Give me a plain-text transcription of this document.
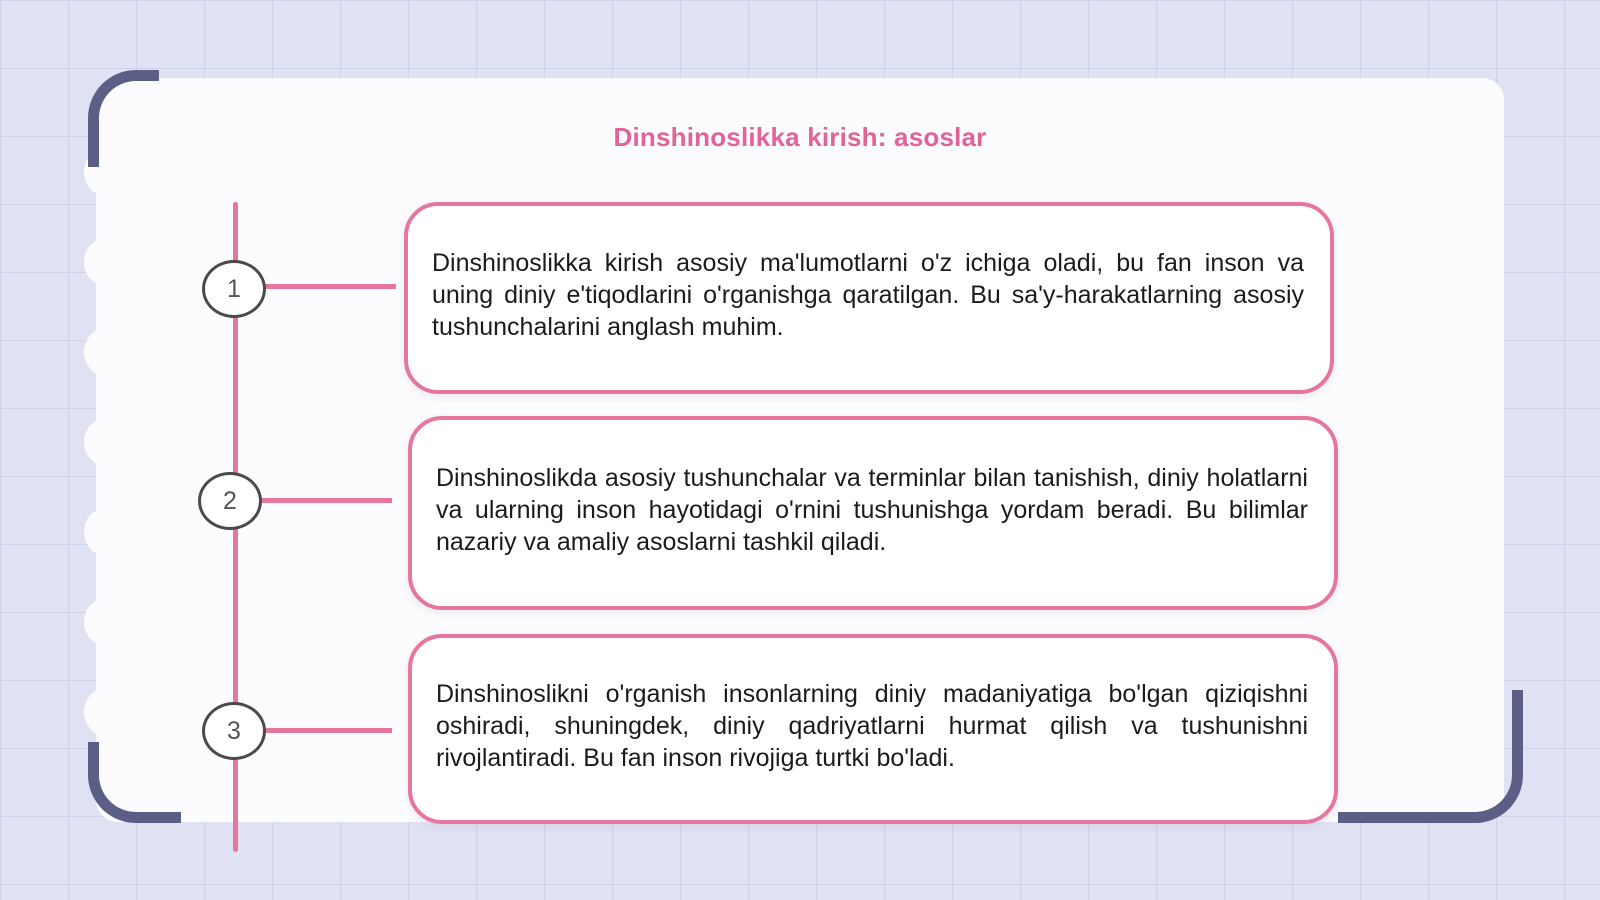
Dinshinoslikka kirish: asoslar
1

Dinshinoslikka kirish asosiy ma'lumotlarni o'z ichiga oladi, bu fan inson va uning diniy e'tiqodlarini o'rganishga qaratilgan. Bu sa'y-harakatlarning asosiy tushunchalarini anglash muhim.

2

Dinshinoslikda asosiy tushunchalar va terminlar bilan tanishish, diniy holatlarni va ularning inson hayotidagi o'rnini tushunishga yordam beradi. Bu bilimlar nazariy va amaliy asoslarni tashkil qiladi.

3

Dinshinoslikni o'rganish insonlarning diniy madaniyatiga bo'lgan qiziqishni oshiradi, shuningdek, diniy qadriyatlarni hurmat qilish va tushunishni rivojlantiradi. Bu fan inson rivojiga turtki bo'ladi.
